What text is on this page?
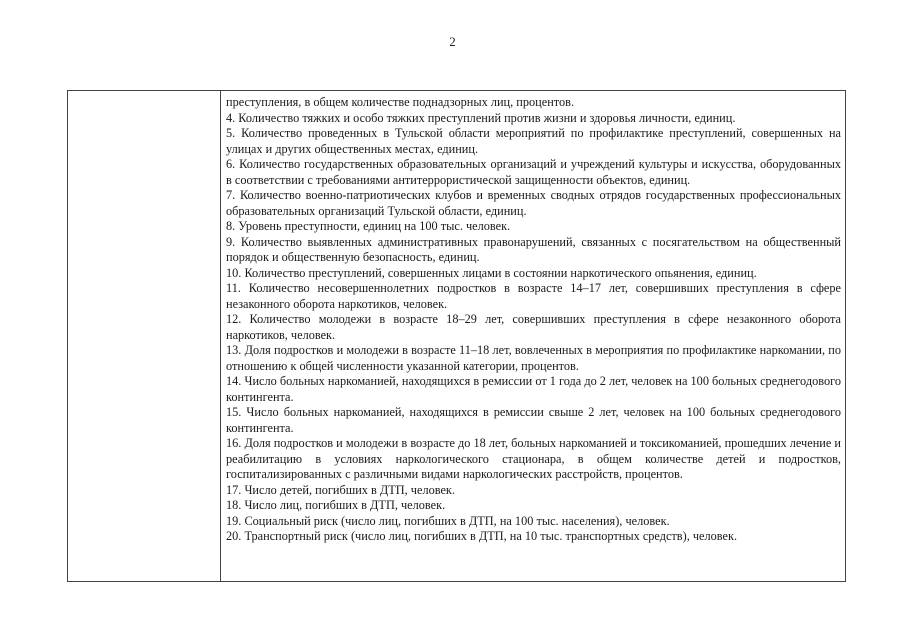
2

преступления, в общем количестве поднадзорных лиц, процентов.

4. Количество тяжких и особо тяжких преступлений против жизни и здоровья личности, единиц.

5. Количество проведенных в Тульской области мероприятий по профилактике преступлений, совершенных на улицах и других общественных местах, единиц.

6. Количество государственных образовательных организаций и учреждений культуры и искусства, оборудованных в соответствии с требованиями антитеррористической защищенности объектов, единиц.

7. Количество военно-патриотических клубов и временных сводных отрядов государственных профессиональных образовательных организаций Тульской области, единиц.

8. Уровень преступности, единиц на 100 тыс. человек.

9. Количество выявленных административных правонарушений, связанных с посягательством на общественный порядок и общественную безопасность, единиц.

10. Количество преступлений, совершенных лицами в состоянии наркотического опьянения, единиц.

11. Количество несовершеннолетних подростков в возрасте 14–17 лет, совершивших преступления в сфере незаконного оборота наркотиков, человек.

12. Количество молодежи в возрасте 18–29 лет, совершивших преступления в сфере незаконного оборота наркотиков, человек.

13. Доля подростков и молодежи в возрасте 11–18 лет, вовлеченных в мероприятия по профилактике наркомании, по отношению к общей численности указанной категории, процентов.

14. Число больных наркоманией, находящихся в ремиссии от 1 года до 2 лет, человек на 100 больных среднегодового контингента.

15. Число больных наркоманией, находящихся в ремиссии свыше 2 лет, человек на 100 больных среднегодового контингента.

16. Доля подростков и молодежи в возрасте до 18 лет, больных наркоманией и токсикоманией, прошедших лечение и реабилитацию в условиях наркологического стационара, в общем количестве детей и подростков, госпитализированных с различными видами наркологических расстройств, процентов.

17. Число детей, погибших в ДТП, человек.

18. Число лиц, погибших в ДТП, человек.

19. Социальный риск (число лиц, погибших в ДТП, на 100 тыс. населения), человек.

20. Транспортный риск (число лиц, погибших в ДТП, на 10 тыс. транспортных средств), человек.
